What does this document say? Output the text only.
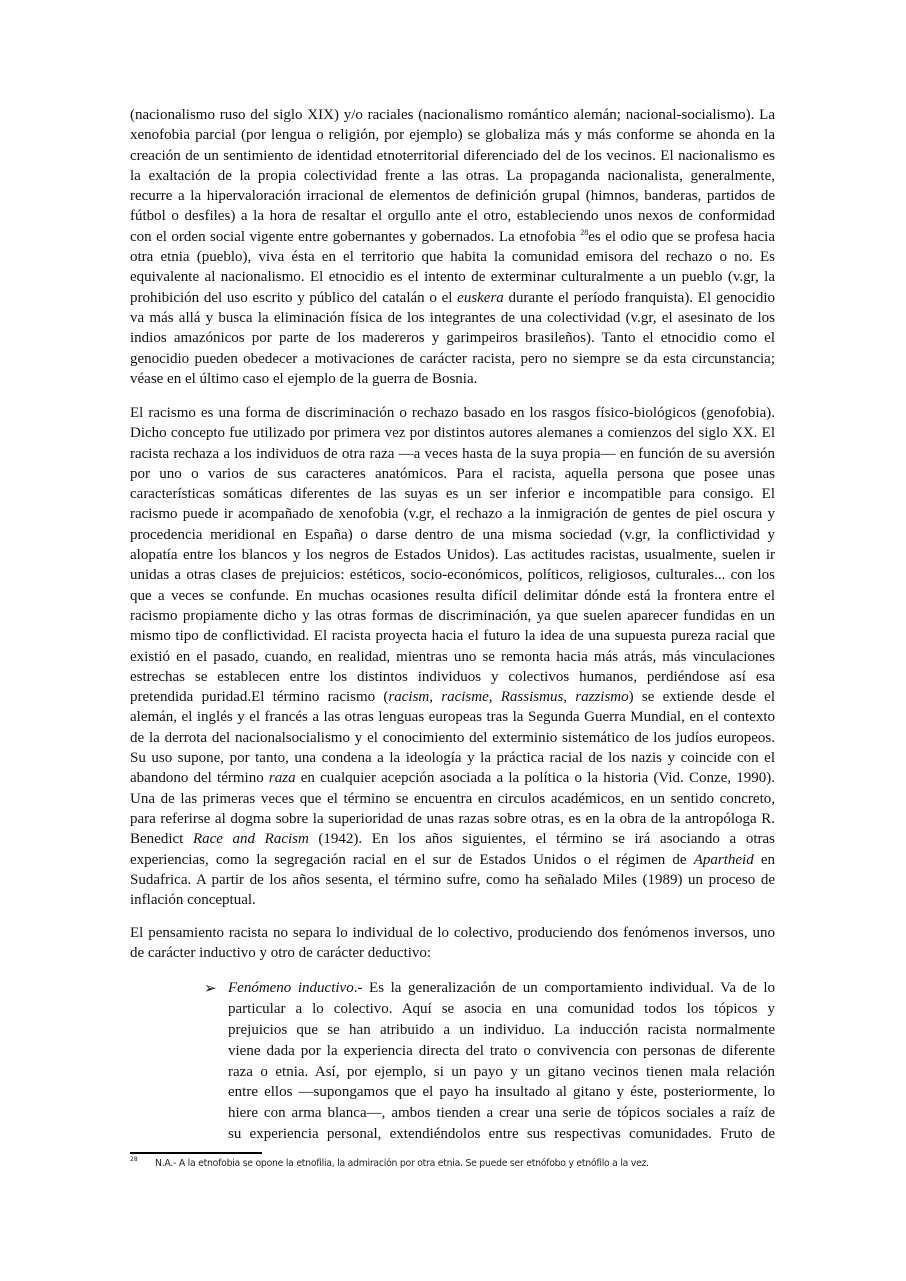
(nacionalismo ruso del siglo XIX) y/o raciales (nacionalismo romántico alemán; nacional-socialismo). La
xenofobia parcial (por lengua o religión, por ejemplo) se globaliza más y más conforme se ahonda en la
creación de un sentimiento de identidad etnoterritorial diferenciado del de los vecinos. El nacionalismo es
la exaltación de la propia colectividad frente a las otras. La propaganda nacionalista, generalmente,
recurre a la hipervaloración irracional de elementos de definición grupal (himnos, banderas, partidos de
fútbol o desfiles) a la hora de resaltar el orgullo ante el otro, estableciendo unos nexos de conformidad
con el orden social vigente entre gobernantes y gobernados. La etnofobia $^{28}$es el odio que se profesa hacia
otra etnia (pueblo), viva ésta en el territorio que habita la comunidad emisora del rechazo o no. Es
equivalente al nacionalismo. El etnocidio es el intento de exterminar culturalmente a un pueblo (v.gr, la
prohibición del uso escrito y público del catalán o el euskera durante el período franquista). El genocidio
va más allá y busca la eliminación física de los integrantes de una colectividad (v.gr, el asesinato de los
indios amazónicos por parte de los madereros y garimpeiros brasileños). Tanto el etnocidio como el
genocidio pueden obedecer a motivaciones de carácter racista, pero no siempre se da esta circunstancia;
véase en el último caso el ejemplo de la guerra de Bosnia.
El racismo es una forma de discriminación o rechazo basado en los rasgos físico-biológicos (genofobia).
Dicho concepto fue utilizado por primera vez por distintos autores alemanes a comienzos del siglo XX. El
racista rechaza a los individuos de otra raza —a veces hasta de la suya propia— en función de su aversión
por uno o varios de sus caracteres anatómicos. Para el racista, aquella persona que posee unas
características somáticas diferentes de las suyas es un ser inferior e incompatible para consigo. El
racismo puede ir acompañado de xenofobia (v.gr, el rechazo a la inmigración de gentes de piel oscura y
procedencia meridional en España) o darse dentro de una misma sociedad (v.gr, la conflictividad y
alopatía entre los blancos y los negros de Estados Unidos). Las actitudes racistas, usualmente, suelen ir
unidas a otras clases de prejuicios: estéticos, socio-económicos, políticos, religiosos, culturales... con los
que a veces se confunde. En muchas ocasiones resulta difícil delimitar dónde está la frontera entre el
racismo propiamente dicho y las otras formas de discriminación, ya que suelen aparecer fundidas en un
mismo tipo de conflictividad. El racista proyecta hacia el futuro la idea de una supuesta pureza racial que
existió en el pasado, cuando, en realidad, mientras uno se remonta hacia más atrás, más vinculaciones
estrechas se establecen entre los distintos individuos y colectivos humanos, perdiéndose así esa
pretendida puridad.El término racismo (racism, racisme, Rassismus, razzismo) se extiende desde el
alemán, el inglés y el francés a las otras lenguas europeas tras la Segunda Guerra Mundial, en el contexto
de la derrota del nacionalsocialismo y el conocimiento del exterminio sistemático de los judíos europeos.
Su uso supone, por tanto, una condena a la ideología y la práctica racial de los nazis y coincide con el
abandono del término raza en cualquier acepción asociada a la política o la historia (Vid. Conze, 1990).
Una de las primeras veces que el término se encuentra en circulos académicos, en un sentido concreto,
para referirse al dogma sobre la superioridad de unas razas sobre otras, es en la obra de la antropóloga R.
Benedict Race and Racism (1942). En los años siguientes, el término se irá asociando a otras
experiencias, como la segregación racial en el sur de Estados Unidos o el régimen de Apartheid en
Sudafrica. A partir de los años sesenta, el término sufre, como ha señalado Miles (1989) un proceso de
inflación conceptual.
El pensamiento racista no separa lo individual de lo colectivo, produciendo dos fenómenos inversos, uno
de carácter inductivo y otro de carácter deductivo:
➢ Fenómeno inductivo.- Es la generalización de un comportamiento individual. Va de lo
particular a lo colectivo. Aquí se asocia en una comunidad todos los tópicos y
prejuicios que se han atribuido a un individuo. La inducción racista normalmente
viene dada por la experiencia directa del trato o convivencia con personas de diferente
raza o etnia. Así, por ejemplo, si un payo y un gitano vecinos tienen mala relación
entre ellos —supongamos que el payo ha insultado al gitano y éste, posteriormente, lo
hiere con arma blanca—, ambos tienden a crear una serie de tópicos sociales a raíz de
su experiencia personal, extendiéndolos entre sus respectivas comunidades. Fruto de
28 N.A.- A la etnofobia se opone la etnofilia, la admiración por otra etnia. Se puede ser etnófobo y etnófilo a la vez.
